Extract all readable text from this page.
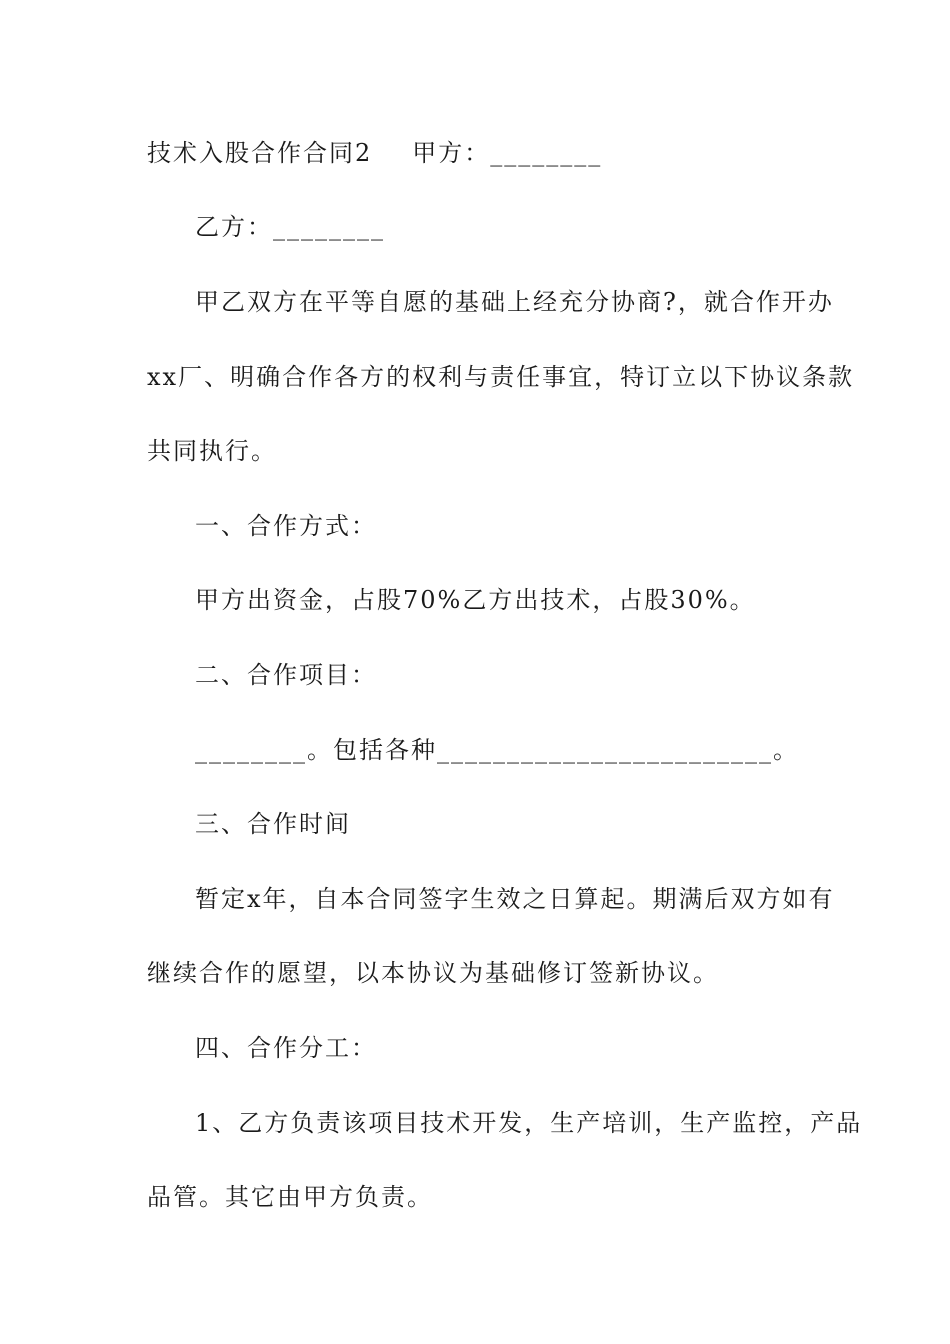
技术入股合作合同2 甲方：________
乙方：________
甲乙双方在平等自愿的基础上经充分协商?，就合作开办
xx厂、明确合作各方的权利与责任事宜，特订立以下协议条款
共同执行。
一、合作方式：
甲方出资金，占股70%乙方出技术，占股30%。
二、合作项目：
________。包括各种________________________。
三、合作时间
暂定x年，自本合同签字生效之日算起。期满后双方如有
继续合作的愿望，以本协议为基础修订签新协议。
四、合作分工：
1、乙方负责该项目技术开发，生产培训，生产监控，产品
品管。其它由甲方负责。
